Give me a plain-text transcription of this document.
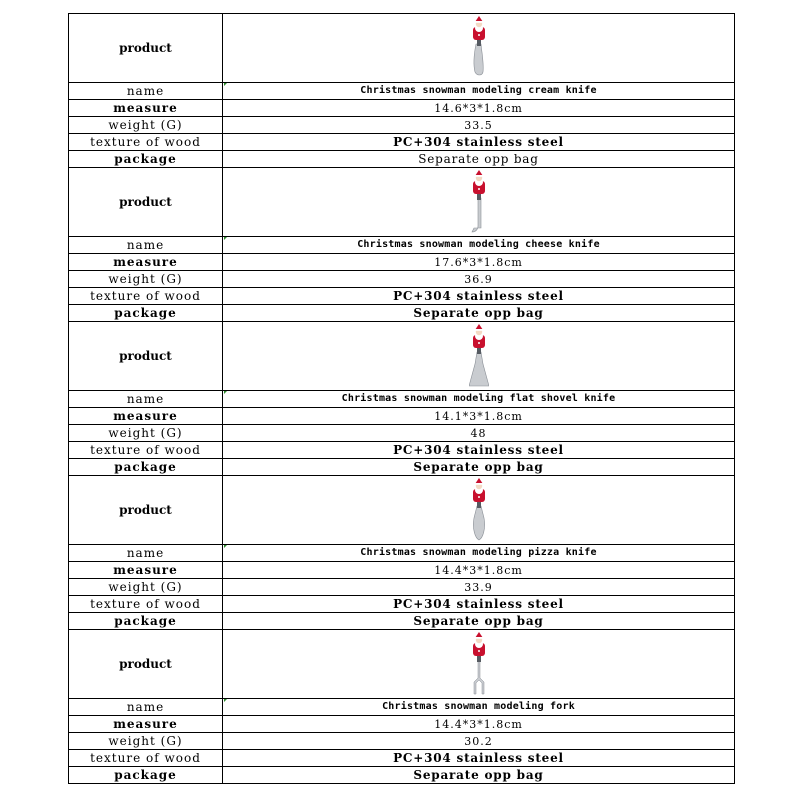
product	

name	Christmas snowman modeling cream knife
measure	14.6*3*1.8cm
weight (G)	33.5
texture of wood	PC+304 stainless steel
package	Separate opp bag
product	

name	Christmas snowman modeling cheese knife
measure	17.6*3*1.8cm
weight (G)	36.9
texture of wood	PC+304 stainless steel
package	Separate opp bag
product	

name	Christmas snowman modeling flat shovel knife
measure	14.1*3*1.8cm
weight (G)	48
texture of wood	PC+304 stainless steel
package	Separate opp bag
product	

name	Christmas snowman modeling pizza knife
measure	14.4*3*1.8cm
weight (G)	33.9
texture of wood	PC+304 stainless steel
package	Separate opp bag
product	

name	Christmas snowman modeling fork
measure	14.4*3*1.8cm
weight (G)	30.2
texture of wood	PC+304 stainless steel
package	Separate opp bag
